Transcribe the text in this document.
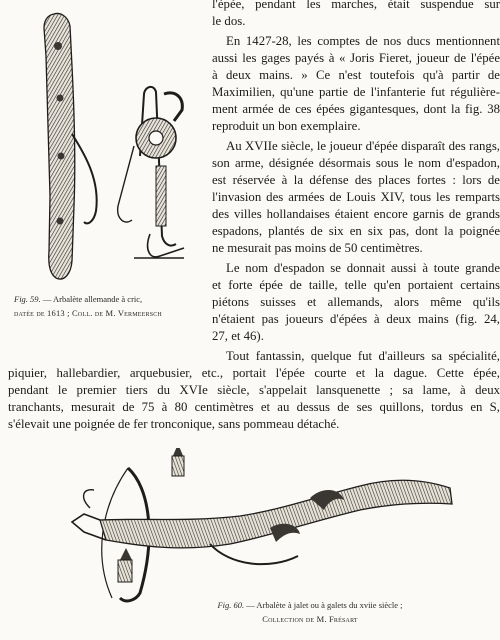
Fig. 59. — Arbalète allemande à cric,
datée de 1613 ; Coll. de M. Vermeersch
l'épée, pendant les marches, était suspendue sur
le dos.
En 1427-28, les comptes de nos ducs mentionnent
aussi les gages payés à « Joris Fieret, joueur de l'épée
à deux mains. » Ce n'est toutefois qu'à partir de
Maximilien, qu'une partie de l'infanterie fut régulière-
ment armée de ces épées gigantesques, dont la fig. 38
reproduit un bon exemplaire.
Au XVIIe siècle, le joueur d'épée disparaît des rangs,
son arme, désignée désormais sous le nom d'espadon,
est réservée à la défense des places fortes : lors de
l'invasion des armées de Louis XIV, tous les remparts
des villes hollandaises étaient encore garnis de grands
espadons, plantés de six en six pas, dont la poignée
ne mesurait pas moins de 50 centimètres.
Le nom d'espadon se donnait aussi à toute grande
et forte épée de taille, telle qu'en portaient certains
piétons suisses et allemands, alors même qu'ils
n'étaient pas joueurs d'épées à deux mains (fig. 24,
27, et 46).
Tout fantassin, quelque fut d'ailleurs sa spécialité,
piquier, hallebardier, arquebusier, etc., portait l'épée courte et la dague. Cette épée,
pendant le premier tiers du XVIe siècle, s'appelait lansquenette ; sa lame, à deux
tranchants, mesurait de 75 à 80 centimètres et au dessus de ses quillons, tordus en S,
s'élevait une poignée de fer tronconique, sans pommeau détaché.
Fig. 60. — Arbalète à jalet ou à galets du xviie siècle ;
Collection de M. Frésart
